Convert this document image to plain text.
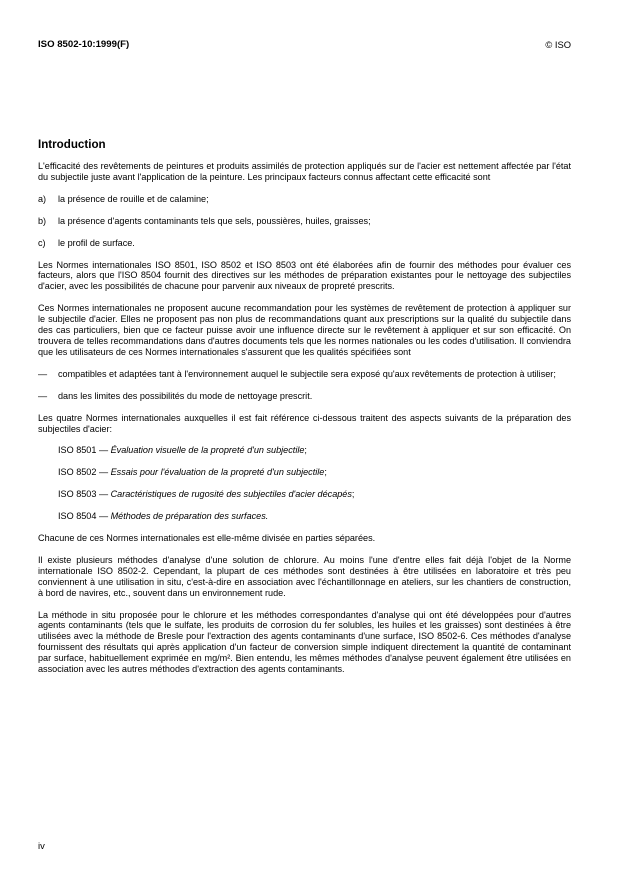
ISO 8502-10:1999(F)	© ISO
Introduction

L'efficacité des revêtements de peintures et produits assimilés de protection appliqués sur de l'acier est nettement affectée par l'état du subjectile juste avant l'application de la peinture. Les principaux facteurs connus affectant cette efficacité sont

a)	la présence de rouille et de calamine;
b)	la présence d'agents contaminants tels que sels, poussières, huiles, graisses;
c)	le profil de surface.

Les Normes internationales ISO 8501, ISO 8502 et ISO 8503 ont été élaborées afin de fournir des méthodes pour évaluer ces facteurs, alors que l'ISO 8504 fournit des directives sur les méthodes de préparation existantes pour le nettoyage des subjectiles d'acier, avec les possibilités de chacune pour parvenir aux niveaux de propreté prescrits.

Ces Normes internationales ne proposent aucune recommandation pour les systèmes de revêtement de protection à appliquer sur le subjectile d'acier. Elles ne proposent pas non plus de recommandations quant aux prescriptions sur la qualité du subjectile dans des cas particuliers, bien que ce facteur puisse avoir une influence directe sur le revêtement à appliquer et sur son efficacité. On trouvera de telles recommandations dans d'autres documents tels que les normes nationales ou les codes d'utilisation. Il conviendra que les utilisateurs de ces Normes internationales s'assurent que les qualités spécifiées sont

—	compatibles et adaptées tant à l'environnement auquel le subjectile sera exposé qu'aux revêtements de protection à utiliser;
—	dans les limites des possibilités du mode de nettoyage prescrit.

Les quatre Normes internationales auxquelles il est fait référence ci-dessous traitent des aspects suivants de la préparation des subjectiles d'acier:

ISO 8501 — Évaluation visuelle de la propreté d'un subjectile;
ISO 8502 — Essais pour l'évaluation de la propreté d'un subjectile;
ISO 8503 — Caractéristiques de rugosité des subjectiles d'acier décapés;
ISO 8504 — Méthodes de préparation des surfaces.

Chacune de ces Normes internationales est elle-même divisée en parties séparées.

Il existe plusieurs méthodes d'analyse d'une solution de chlorure. Au moins l'une d'entre elles fait déjà l'objet de la Norme internationale ISO 8502-2. Cependant, la plupart de ces méthodes sont destinées à être utilisées en laboratoire et très peu conviennent à une utilisation in situ, c'est-à-dire en association avec l'échantillonnage en ateliers, sur les chantiers de construction, à bord de navires, etc., souvent dans un environnement rude.

La méthode in situ proposée pour le chlorure et les méthodes correspondantes d'analyse qui ont été développées pour d'autres agents contaminants (tels que le sulfate, les produits de corrosion du fer solubles, les huiles et les graisses) sont destinées à être utilisées avec la méthode de Bresle pour l'extraction des agents contaminants d'une surface, ISO 8502-6. Ces méthodes d'analyse fournissent des résultats qui après application d'un facteur de conversion simple indiquent directement la quantité de contaminant par surface, habituellement exprimée en mg/m². Bien entendu, les mêmes méthodes d'analyse peuvent également être utilisées en association avec les autres méthodes d'extraction des agents contaminants.

iv
